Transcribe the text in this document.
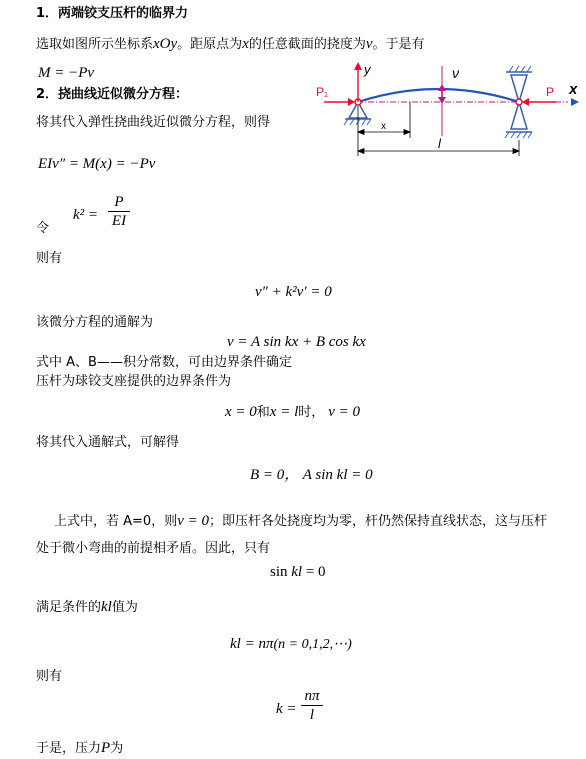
1．两端铰支压杆的临界力
选取如图所示坐标系xOy。距原点为x的任意截面的挠度为v。于是有
M = −Pv
2．挠曲线近似微分方程：
将其代入弹性挠曲线近似微分方程，则得
EIv″ = M(x) = −Pv
k² =
P
EI
令
则有
v″ + k²v′ = 0
该微分方程的通解为
v = A sin kx + B cos kx
式中 A、B——积分常数，可由边界条件确定
压杆为球铰支座提供的边界条件为
x = 0和x = l时， v = 0
将其代入通解式，可解得
B = 0， A sin kl = 0
上式中，若 A=0，则v = 0；即压杆各处挠度均为零，杆仍然保持直线状态，这与压杆
处于微小弯曲的前提相矛盾。因此，只有
sin kl = 0
满足条件的kl值为
kl = nπ(n = 0,1,2,⋯)
则有
k =
nπ
l
于是，压力P为
P₁	P x
y	ν
x
l
